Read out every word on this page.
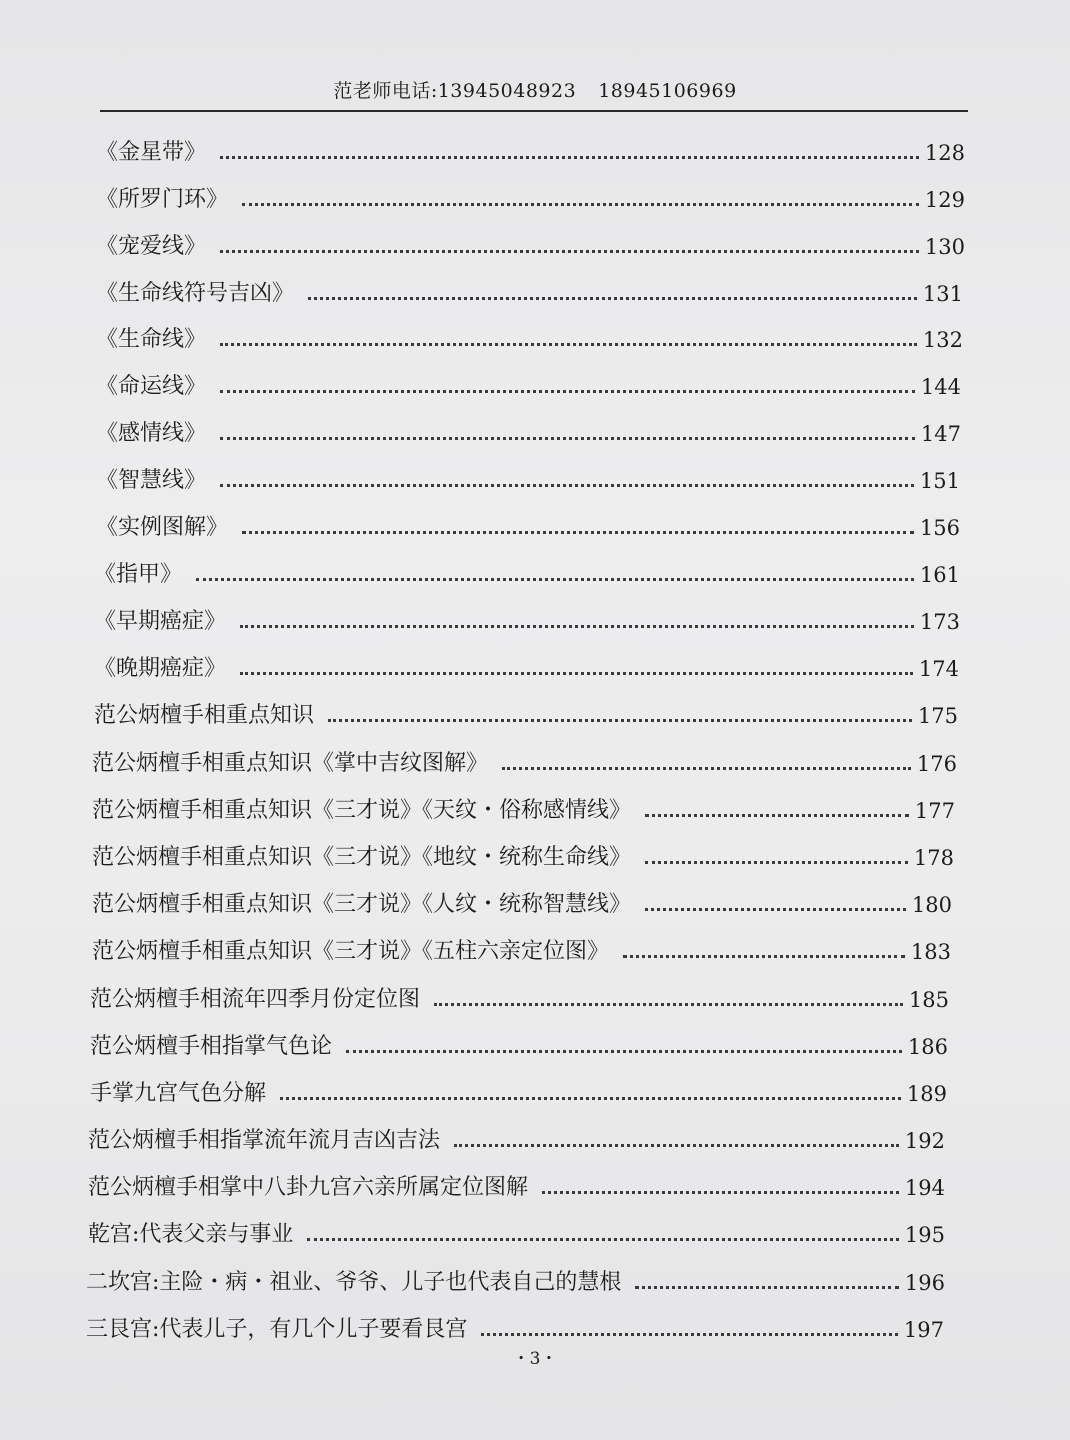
范老师电话:13945048923 18945106969
《金星带》	128
《所罗门环》	129
《宠爱线》	130
《生命线符号吉凶》	131
《生命线》	132
《命运线》	144
《感情线》	147
《智慧线》	151
《实例图解》	156
《指甲》	161
《早期癌症》	173
《晚期癌症》	174
范公炳檀手相重点知识	175
范公炳檀手相重点知识《掌中吉纹图解》	176
范公炳檀手相重点知识《三才说》《天纹・俗称感情线》	177
范公炳檀手相重点知识《三才说》《地纹・统称生命线》	178
范公炳檀手相重点知识《三才说》《人纹・统称智慧线》	180
范公炳檀手相重点知识《三才说》《五柱六亲定位图》	183
范公炳檀手相流年四季月份定位图	185
范公炳檀手相指掌气色论	186
手掌九宫气色分解	189
范公炳檀手相指掌流年流月吉凶吉法	192
范公炳檀手相掌中八卦九宫六亲所属定位图解	194
乾宫:代表父亲与事业	195
二坎宫:主险・病・祖业、爷爷、儿子也代表自己的慧根	196
三艮宫:代表儿子，有几个儿子要看艮宫	197
・3・
